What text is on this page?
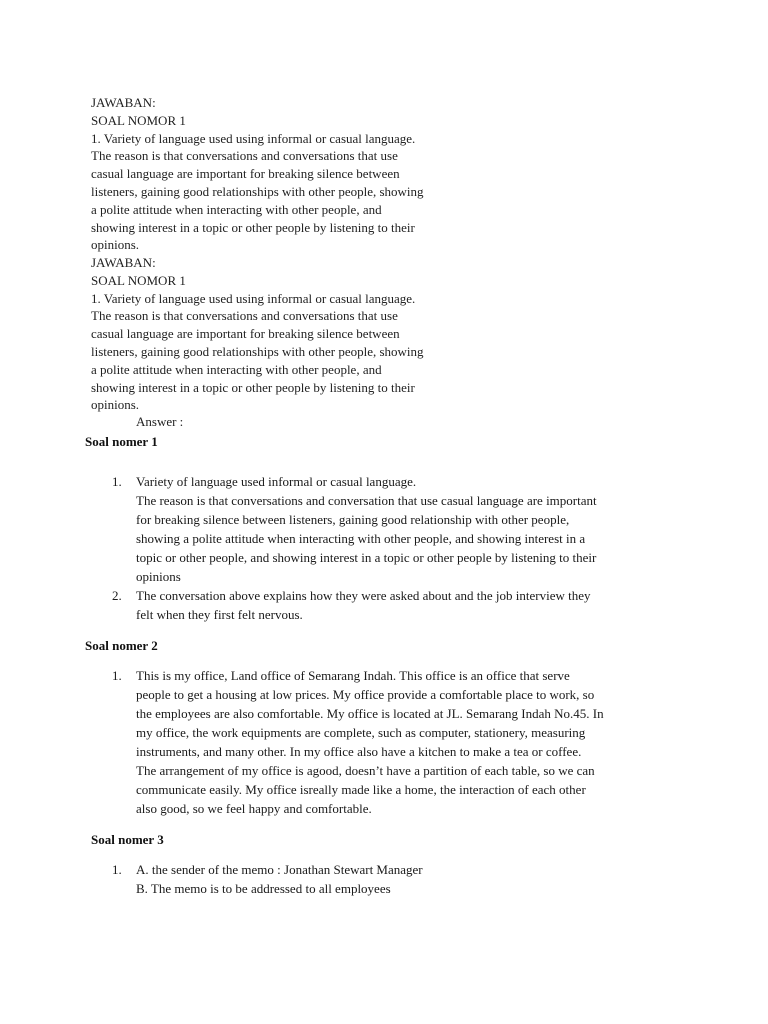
JAWABAN:
SOAL NOMOR 1
1. Variety of language used using informal or casual language.
The reason is that conversations and conversations that use
casual language are important for breaking silence between
listeners, gaining good relationships with other people, showing
a polite attitude when interacting with other people, and
showing interest in a topic or other people by listening to their
opinions.
JAWABAN:
SOAL NOMOR 1
1. Variety of language used using informal or casual language.
The reason is that conversations and conversations that use
casual language are important for breaking silence between
listeners, gaining good relationships with other people, showing
a polite attitude when interacting with other people, and
showing interest in a topic or other people by listening to their
opinions.
Answer :
Soal nomer 1
1. Variety of language used informal or casual language.
The reason is that conversations and conversation that use casual language are important
for breaking silence between listeners, gaining good relationship with other people,
showing a polite attitude when interacting with other people, and showing interest in a
topic or other people, and showing interest in a topic or other people by listening to their
opinions
2. The conversation above explains how they were asked about and the job interview they
felt when they first felt nervous.
Soal nomer 2
1. This is my office, Land office of Semarang Indah. This office is an office that serve
people to get a housing at low prices. My office provide a comfortable place to work, so
the employees are also comfortable. My office is located at JL. Semarang Indah No.45. In
my office, the work equipments are complete, such as computer, stationery, measuring
instruments, and many other. In my office also have a kitchen to make a tea or coffee.
The arrangement of my office is agood, doesn’t have a partition of each table, so we can
communicate easily. My office isreally made like a home, the interaction of each other
also good, so we feel happy and comfortable.
Soal nomer 3
1. A. the sender of the memo : Jonathan Stewart Manager
B. The memo is to be addressed to all employees
